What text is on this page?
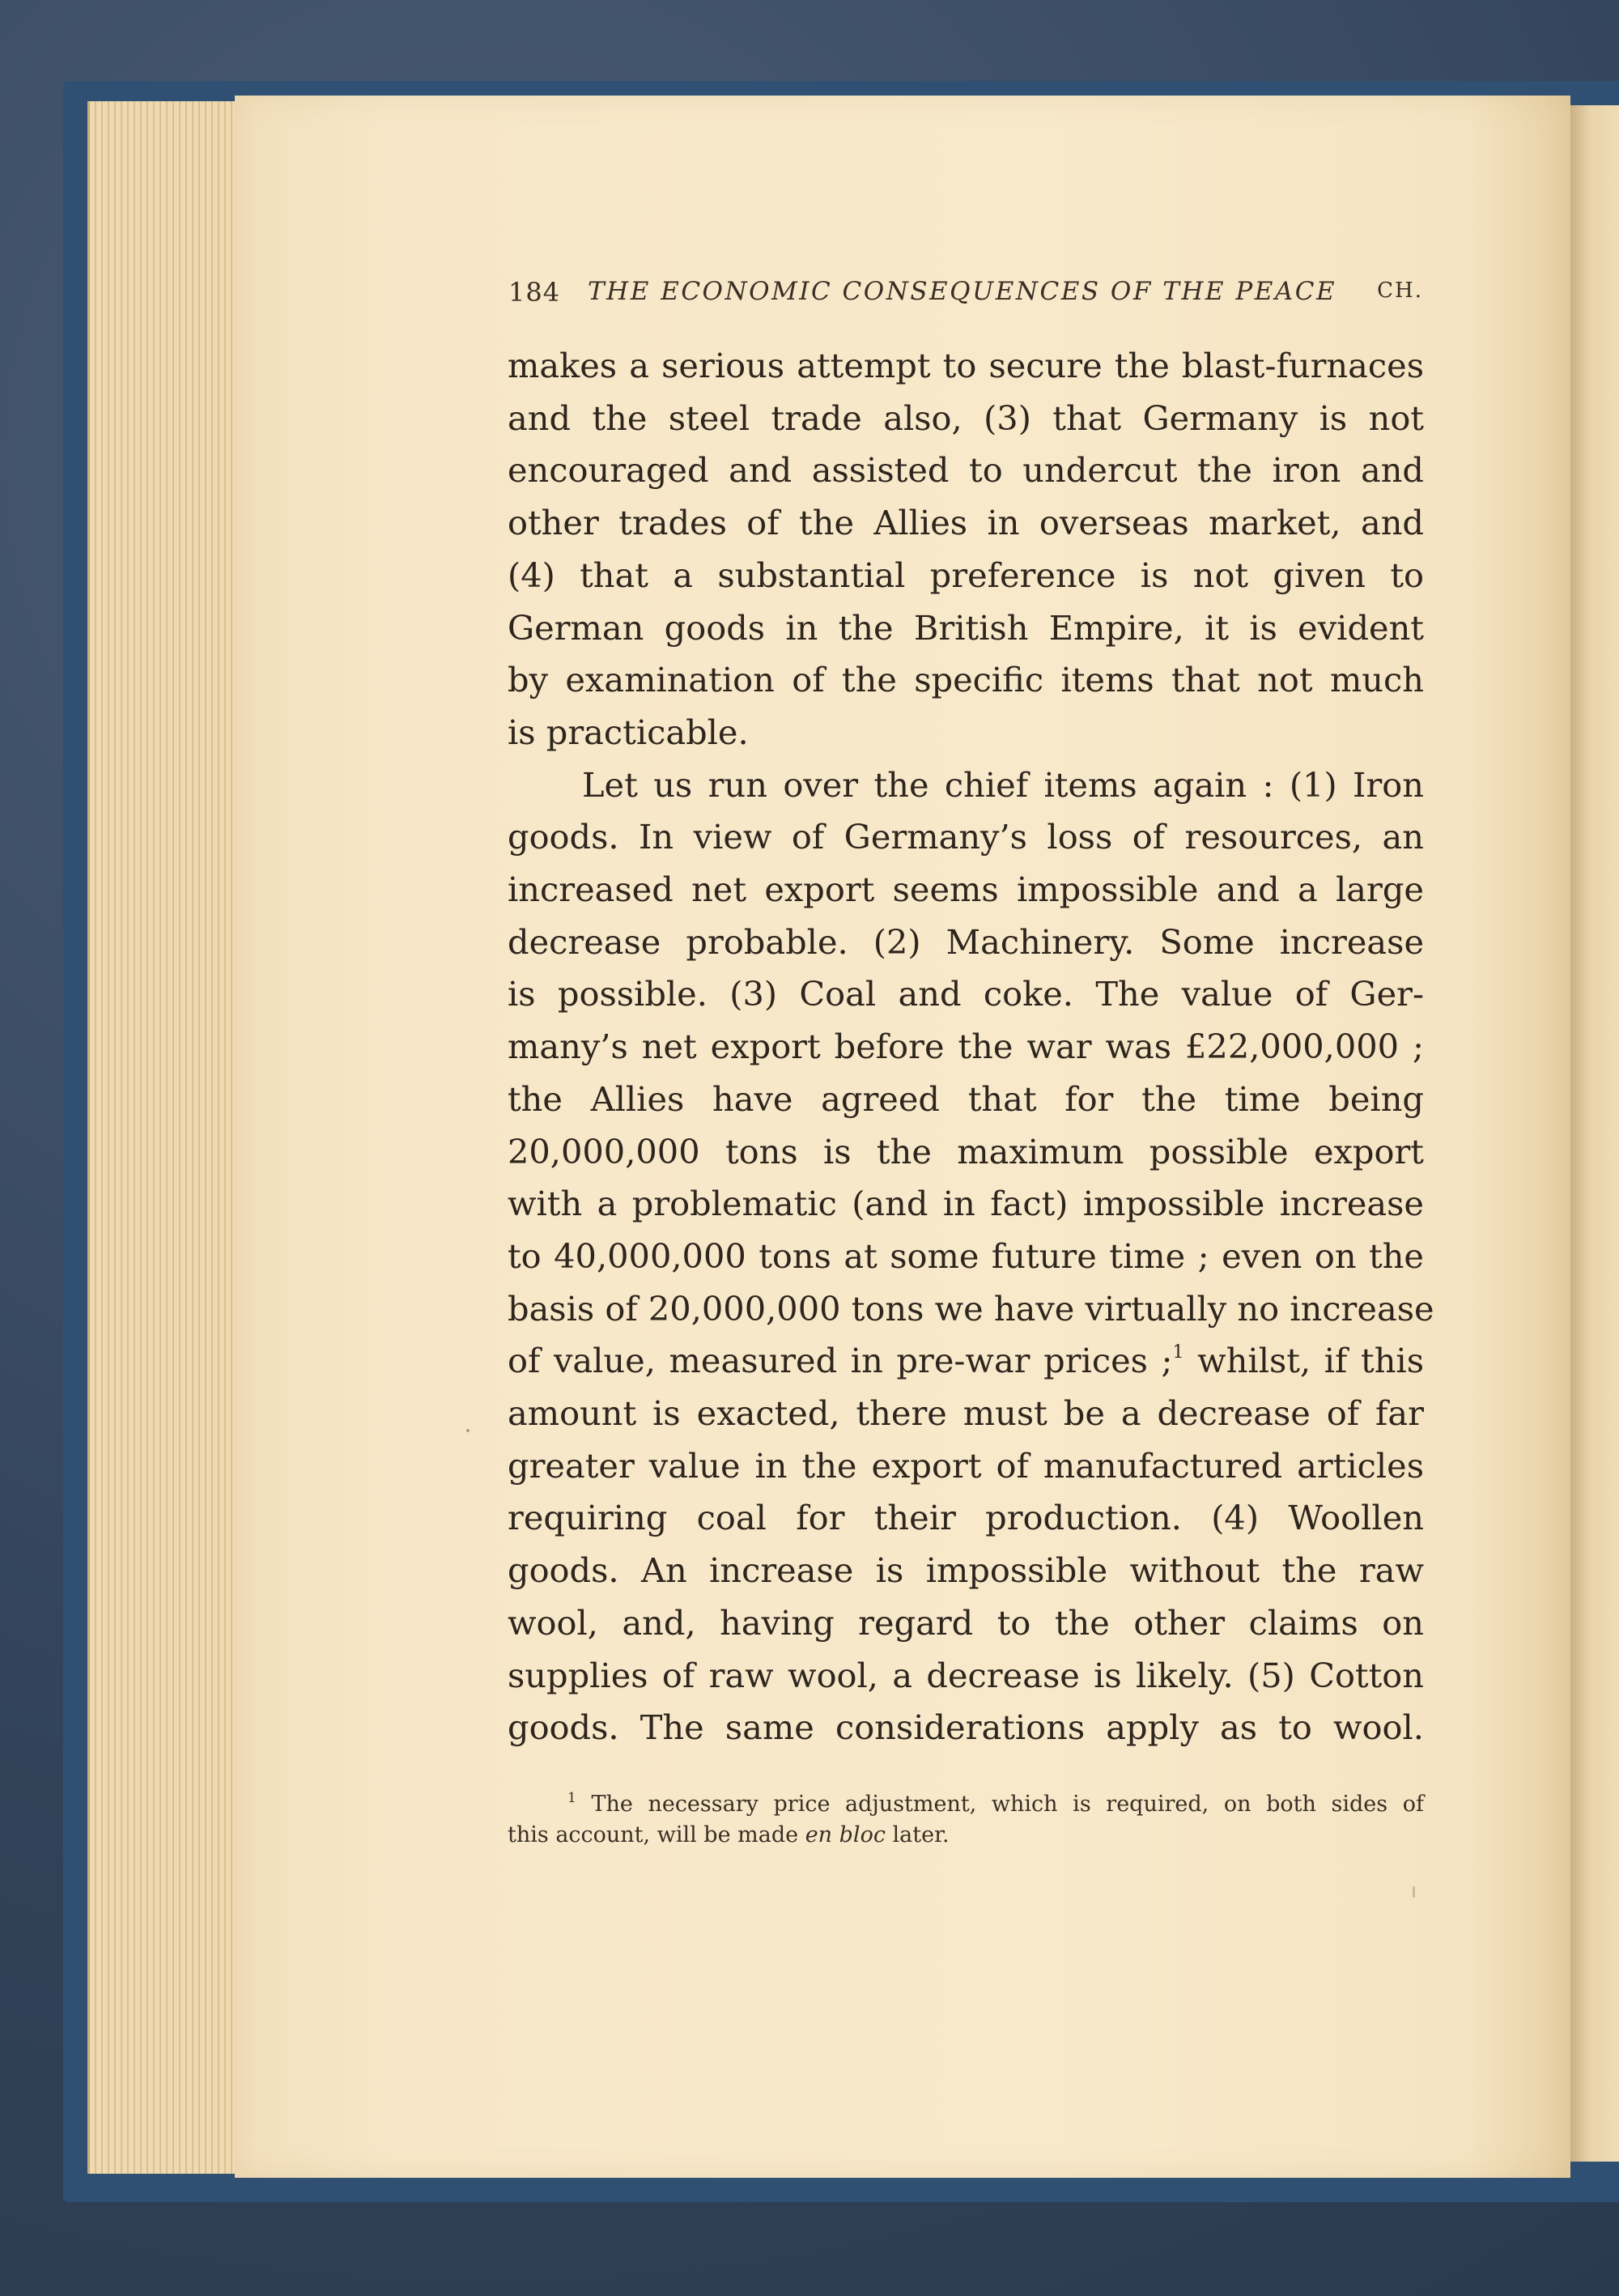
184 THE ECONOMIC CONSEQUENCES OF THE PEACE CH.

makes a serious attempt to secure the blast-furnaces
and the steel trade also, (3) that Germany is not
encouraged and assisted to undercut the iron and
other trades of the Allies in overseas market, and
(4) that a substantial preference is not given to
German goods in the British Empire, it is evident
by examination of the specific items that not much
is practicable.

Let us run over the chief items again : (1) Iron
goods. In view of Germany’s loss of resources, an
increased net export seems impossible and a large
decrease probable. (2) Machinery. Some increase
is possible. (3) Coal and coke. The value of Ger-
many’s net export before the war was £22,000,000 ;
the Allies have agreed that for the time being
20,000,000 tons is the maximum possible export
with a problematic (and in fact) impossible increase
to 40,000,000 tons at some future time ; even on the
basis of 20,000,000 tons we have virtually no increase
of value, measured in pre-war prices ;$^1$ whilst, if this
amount is exacted, there must be a decrease of far
greater value in the export of manufactured articles
requiring coal for their production. (4) Woollen
goods. An increase is impossible without the raw
wool, and, having regard to the other claims on
supplies of raw wool, a decrease is likely. (5) Cotton
goods. The same considerations apply as to wool.

$^1$ The necessary price adjustment, which is required, on both sides of
this account, will be made en bloc later.
